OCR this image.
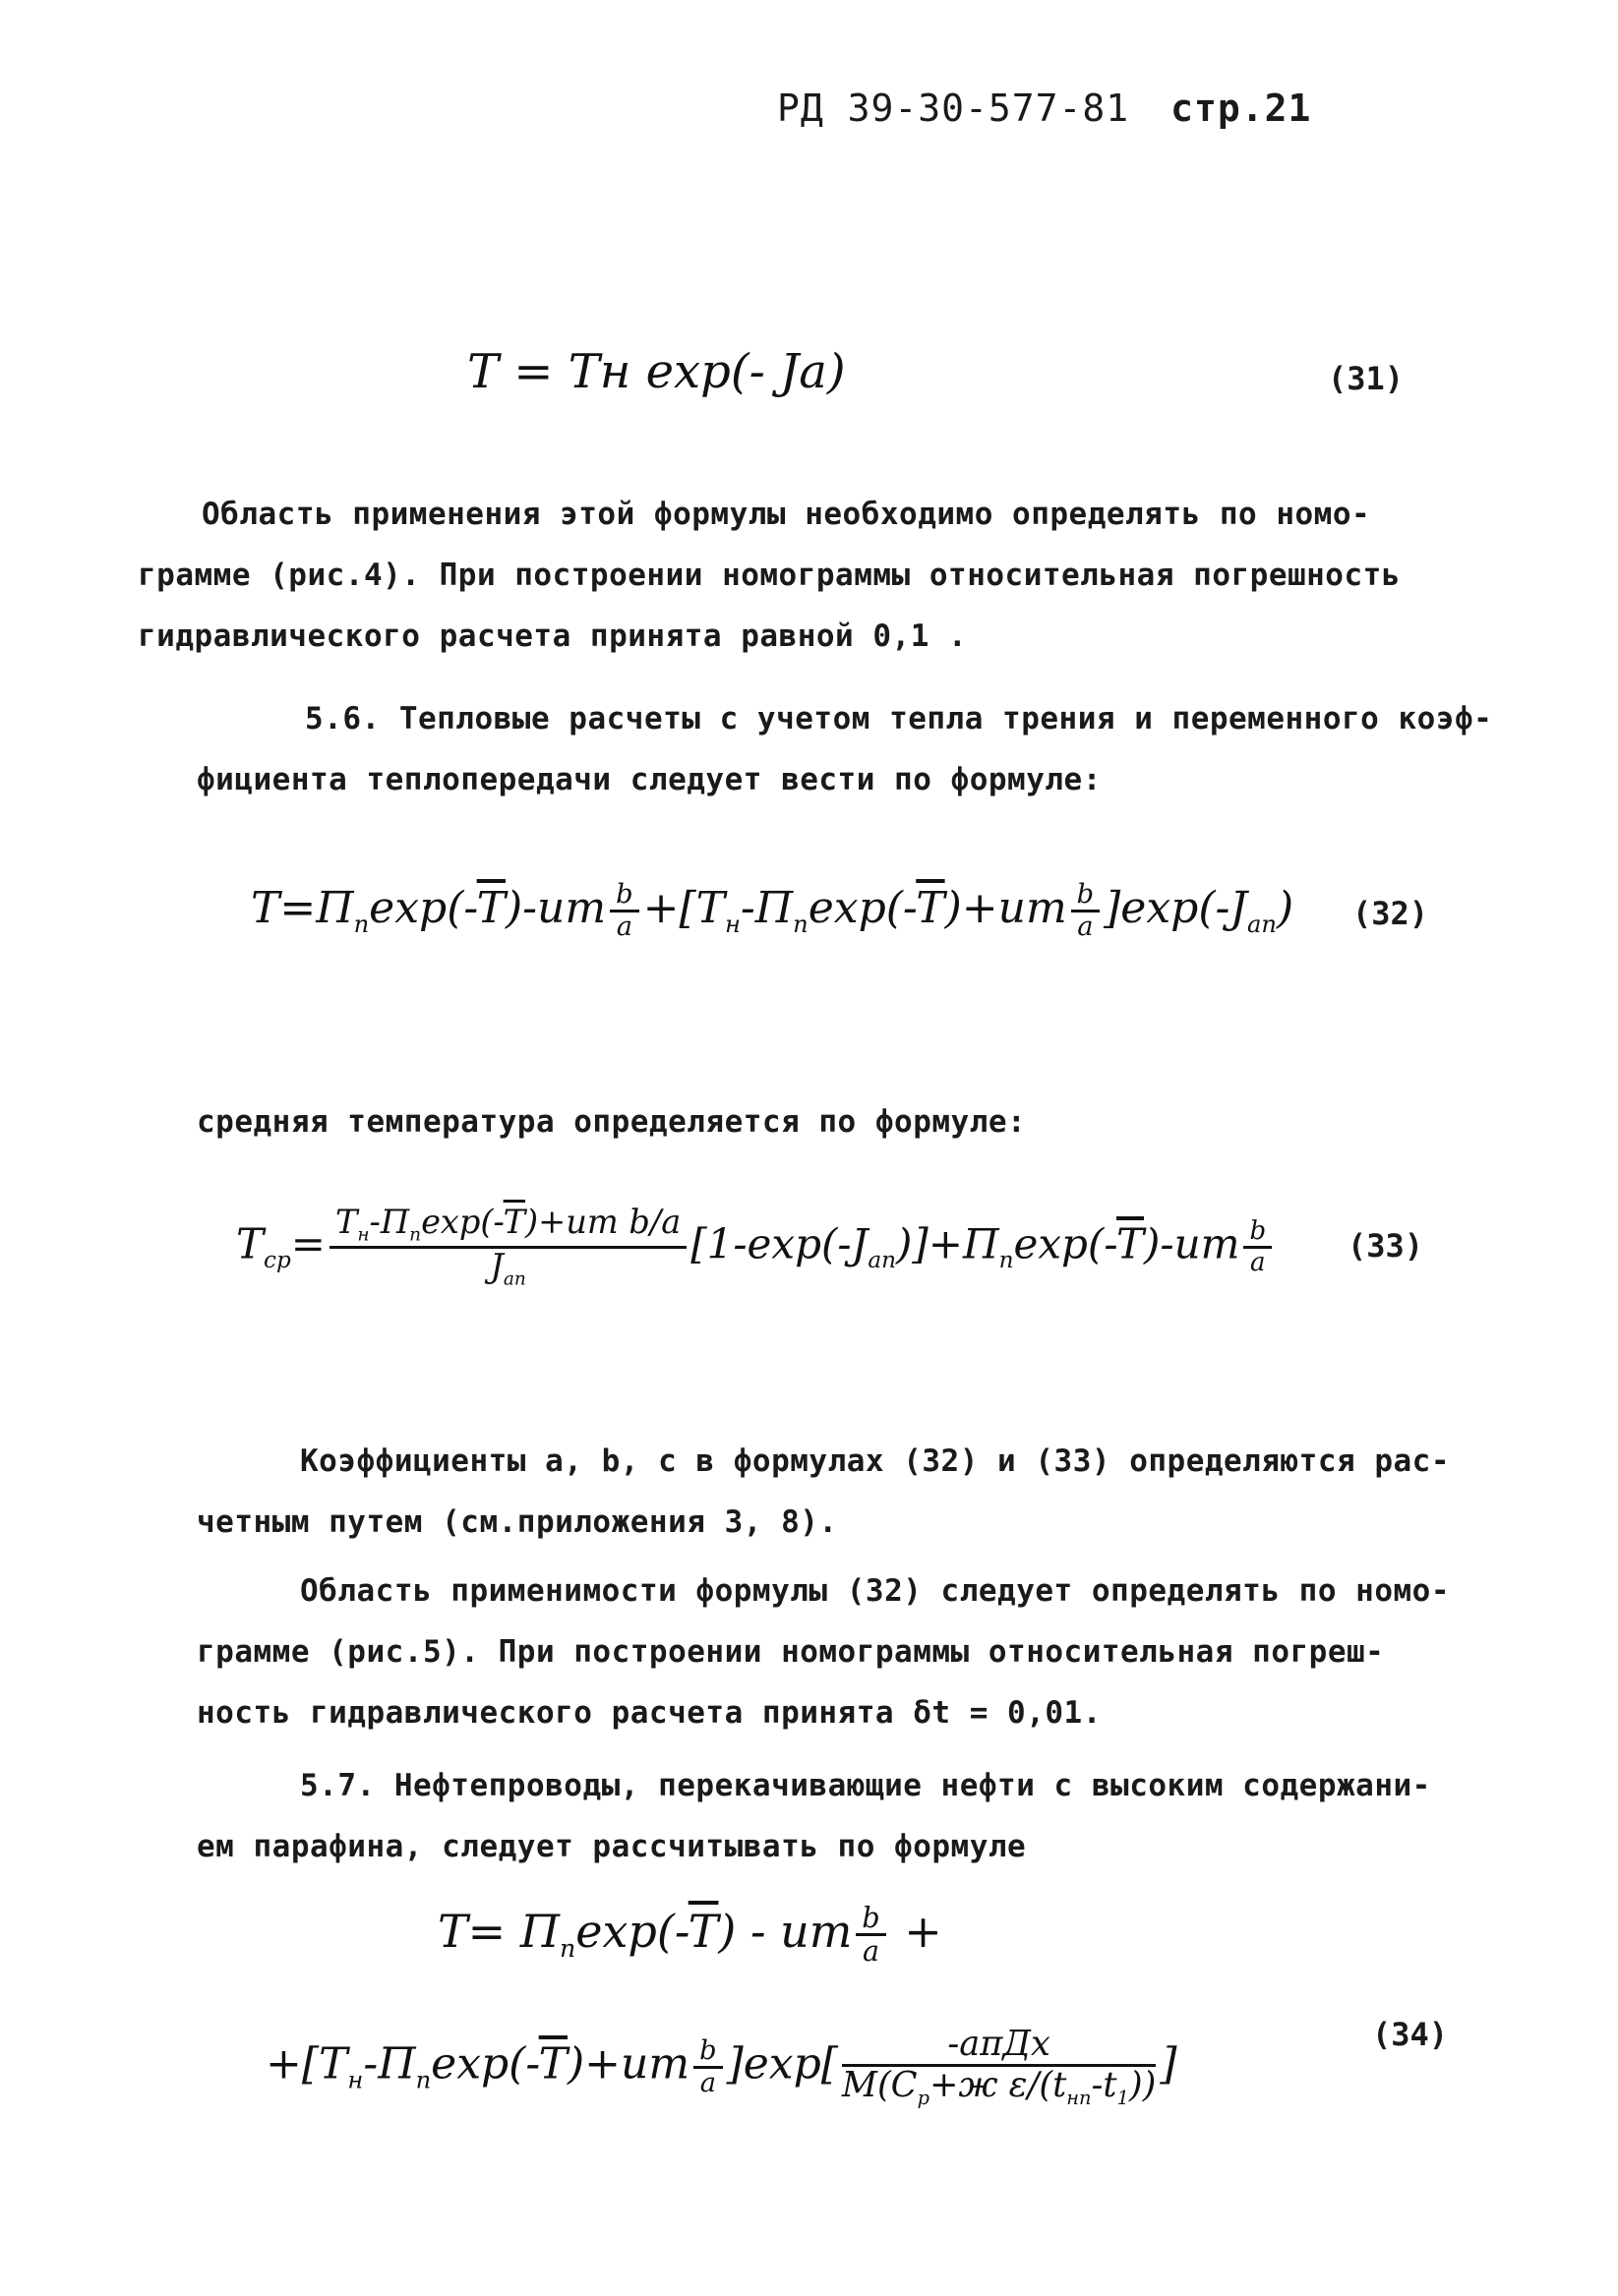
РД 39-30-577-81 стр.21
T = Tн exp(- Jа)	(31)
Область применения этой формулы необходимо определять по номо-
грамме (рис.4). При построении номограммы относительная погрешность
гидравлического расчета принята равной 0,1 .
5.6. Тепловые расчеты с учетом тепла трения и переменного коэф-
фициента теплопередачи следует вести по формуле:
$T=П_п\exp(-\overline{T})-um \frac{b}{a} +[T_н-П_п\exp(-\overline{T})+um \frac{b}{a} ]\exp(-J_{aп})$ (32)
средняя температура определяется по формуле:
$T_{ср}= \frac{T_н-П_п\exp(-\overline{T})+um b/a}{J_{aп}} [1-\exp(-J_{aп})]+П_п\exp(-\overline{T})-um \frac{b}{a} (33)$
Коэффициенты a, b, c в формулах (32) и (33) определяются рас-
четным путем (см.приложения 3, 8).
Область применимости формулы (32) следует определять по номо-
грамме (рис.5). При построении номограммы относительная погреш-
ность гидравлического расчета принята δt = 0,01.
5.7. Нефтепроводы, перекачивающие нефти с высоким содержани-
ем парафина, следует рассчитывать по формуле
$T= П_п\exp(-\overline{T})$ - um $\frac{b}{a}$ +
$+[T_н-П_п\exp(-\overline{T})+um \frac{b}{a} ]\exp[ \frac{\text{-aπДx}}{M(C_p+ж \varepsilon/(t_{нп}-t_1))}$ ]
(34)
